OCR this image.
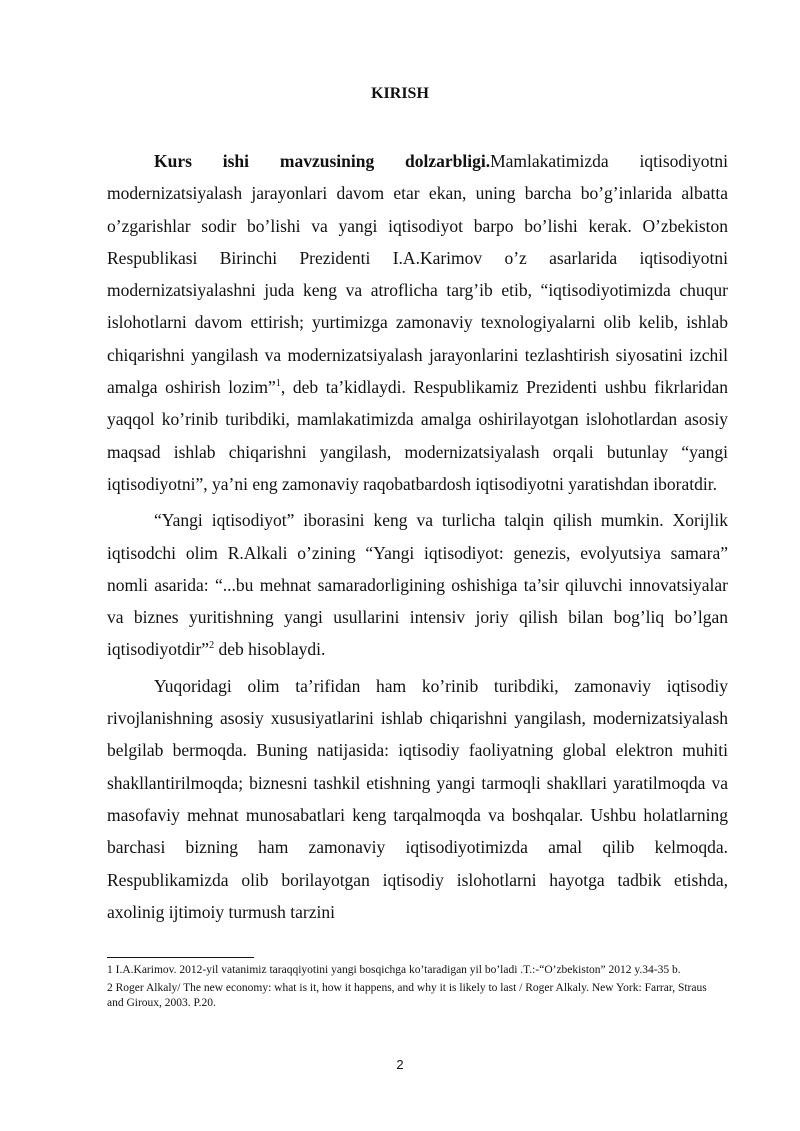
KIRISH

Kurs ishi mavzusining dolzarbligi.Mamlakatimizda iqtisodiyotni modernizatsiyalash jarayonlari davom etar ekan, uning barcha bo’g’inlarida albatta o’zgarishlar sodir bo’lishi va yangi iqtisodiyot barpo bo’lishi kerak. O’zbekiston Respublikasi Birinchi Prezidenti I.A.Karimov o’z asarlarida iqtisodiyotni modernizatsiyalashni juda keng va atroflicha targ’ib etib, “iqtisodiyotimizda chuqur islohotlarni davom ettirish; yurtimizga zamonaviy texnologiyalarni olib kelib, ishlab chiqarishni yangilash va modernizatsiyalash jarayonlarini tezlashtirish siyosatini izchil amalga oshirish lozim”$^1$, deb ta’kidlaydi. Respublikamiz Prezidenti ushbu fikrlaridan yaqqol ko’rinib turibdiki, mamlakatimizda amalga oshirilayotgan islohotlardan asosiy maqsad ishlab chiqarishni yangilash, modernizatsiyalash orqali butunlay “yangi iqtisodiyotni”, ya’ni eng zamonaviy raqobatbardosh iqtisodiyotni yaratishdan iboratdir.

“Yangi iqtisodiyot” iborasini keng va turlicha talqin qilish mumkin. Xorijlik iqtisodchi olim R.Alkali o’zining “Yangi iqtisodiyot: genezis, evolyutsiya samara” nomli asarida: “...bu mehnat samaradorligining oshishiga ta’sir qiluvchi innovatsiyalar va biznes yuritishning yangi usullarini intensiv joriy qilish bilan bog’liq bo’lgan iqtisodiyotdir”$^2$ deb hisoblaydi.

Yuqoridagi olim ta’rifidan ham ko’rinib turibdiki, zamonaviy iqtisodiy rivojlanishning asosiy xususiyatlarini ishlab chiqarishni yangilash, modernizatsiyalash belgilab bermoqda. Buning natijasida: iqtisodiy faoliyatning global elektron muhiti shakllantirilmoqda; biznesni tashkil etishning yangi tarmoqli shakllari yaratilmoqda va masofaviy mehnat munosabatlari keng tarqalmoqda va boshqalar. Ushbu holatlarning barchasi bizning ham zamonaviy iqtisodiyotimizda amal qilib kelmoqda. Respublikamizda olib borilayotgan iqtisodiy islohotlarni hayotga tadbik etishda, axolinig ijtimoiy turmush tarzini

1 I.A.Karimov. 2012-yil vatanimiz taraqqiyotini yangi bosqichga ko’taradigan yil bo’ladi .T.:-“O’zbekiston” 2012 y.34-35 b.
2 Roger Alkaly/ The new economy: what is it, how it happens, and why it is likely to last / Roger Alkaly. New York: Farrar, Straus and Giroux, 2003. P.20.
2
